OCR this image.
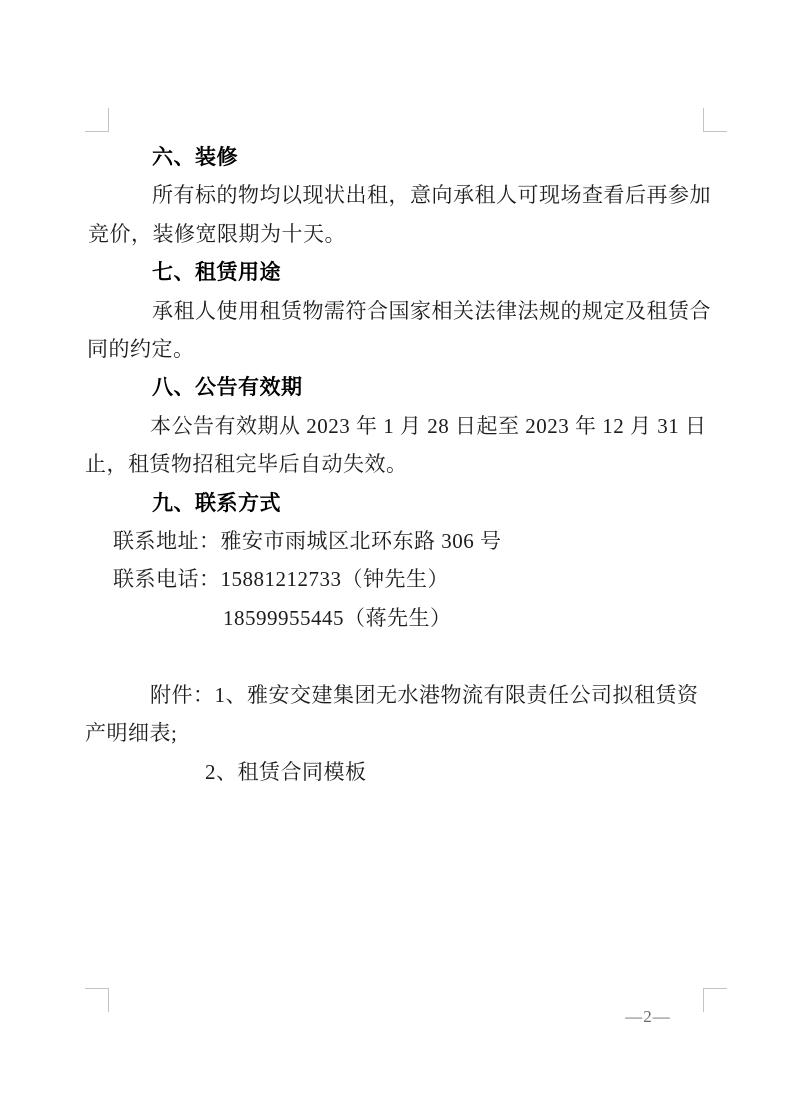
六、装修
所有标的物均以现状出租，意向承租人可现场查看后再参加
竞价，装修宽限期为十天。
七、租赁用途
承租人使用租赁物需符合国家相关法律法规的规定及租赁合
同的约定。
八、公告有效期
本公告有效期从 2023 年 1 月 28 日起至 2023 年 12 月 31 日
止，租赁物招租完毕后自动失效。
九、联系方式
联系地址：雅安市雨城区北环东路 306 号
联系电话：15881212733（钟先生）
18599955445（蒋先生）
附件：1、雅安交建集团无水港物流有限责任公司拟租赁资
产明细表;
2、租赁合同模板
—2—
